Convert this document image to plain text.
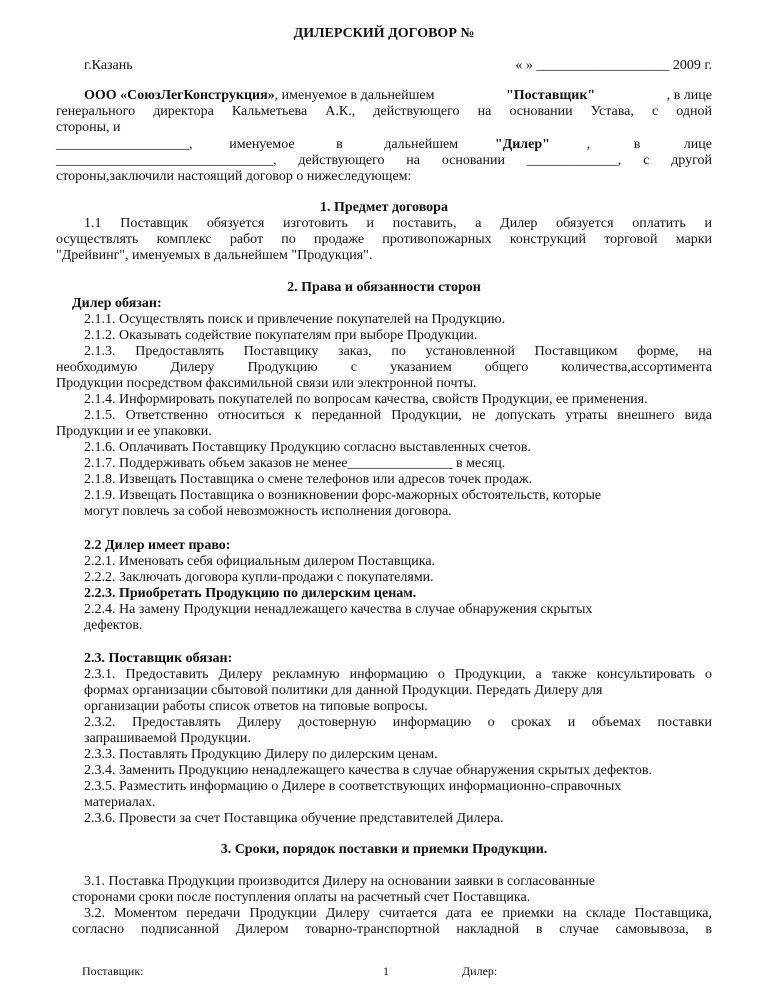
ДИЛЕРСКИЙ ДОГОВОР №
г.Казань	« » ___________________ 2009 г.
ООО «СоюзЛегКонструкция», именуемое в дальнейшем	"Поставщик"	, в лице
генерального директора Кальметьева А.К., действующего на основании Устава, с одной
стороны, и
___________________,	именуемое в дальнейшем	"Дилер"	, в лице
_______________________________, действующего на основании _____________, с другой
стороны,заключили настоящий договор о нижеследующем:
1. Предмет договора
1.1 Поставщик обязуется изготовить и поставить, а Дилер обязуется оплатить и
осуществлять комплекс работ по продаже противопожарных конструкций торговой марки
"Дрейвинг", именуемых в дальнейшем "Продукция".
2. Права и обязанности сторон
Дилер обязан:
2.1.1. Осуществлять поиск и привлечение покупателей на Продукцию.
2.1.2. Оказывать содействие покупателям при выборе Продукции.
2.1.3. Предоставлять Поставщику заказ, по установленной Поставщиком форме, на
необходимую Дилеру Продукцию с указанием общего количества,ассортимента
Продукции посредством факсимильной связи или электронной почты.
2.1.4. Информировать покупателей по вопросам качества, свойств Продукции, ее применения.
2.1.5. Ответственно относиться к переданной Продукции, не допускать утраты внешнего вида
Продукции и ее упаковки.
2.1.6. Оплачивать Поставщику Продукцию согласно выставленных счетов.
2.1.7. Поддерживать объем заказов не менее_______________ в месяц.
2.1.8. Извещать Поставщика о смене телефонов или адресов точек продаж.
2.1.9. Извещать Поставщика о возникновении форс-мажорных обстоятельств, которые
могут повлечь за собой невозможность исполнения договора.
2.2 Дилер имеет право:
2.2.1. Именовать себя официальным дилером Поставщика.
2.2.2. Заключать договора купли-продажи с покупателями.
2.2.3. Приобретать Продукцию по дилерским ценам.
2.2.4. На замену Продукции ненадлежащего качества в случае обнаружения скрытых
дефектов.
2.3. Поставщик обязан:
2.3.1. Предоставить Дилеру рекламную информацию о Продукции, а также консультировать о
формах организации сбытовой политики для данной Продукции. Передать Дилеру для
организации работы список ответов на типовые вопросы.
2.3.2. Предоставлять Дилеру достоверную информацию о сроках и объемах поставки
запрашиваемой Продукции.
2.3.3. Поставлять Продукцию Дилеру по дилерским ценам.
2.3.4. Заменить Продукцию ненадлежащего качества в случае обнаружения скрытых дефектов.
2.3.5. Разместить информацию о Дилере в соответствующих информационно-справочных
материалах.
2.3.6. Провести за счет Поставщика обучение представителей Дилера.
3. Сроки, порядок поставки и приемки Продукции.
3.1. Поставка Продукции производится Дилеру на основании заявки в согласованные
сторонами сроки после поступления оплаты на расчетный счет Поставщика.
3.2. Моментом передачи Продукции Дилеру считается дата ее приемки на складе Поставщика,
согласно подписанной Дилером товарно-транспортной накладной в случае самовывоза, в
Поставщик:	1	Дилер:
